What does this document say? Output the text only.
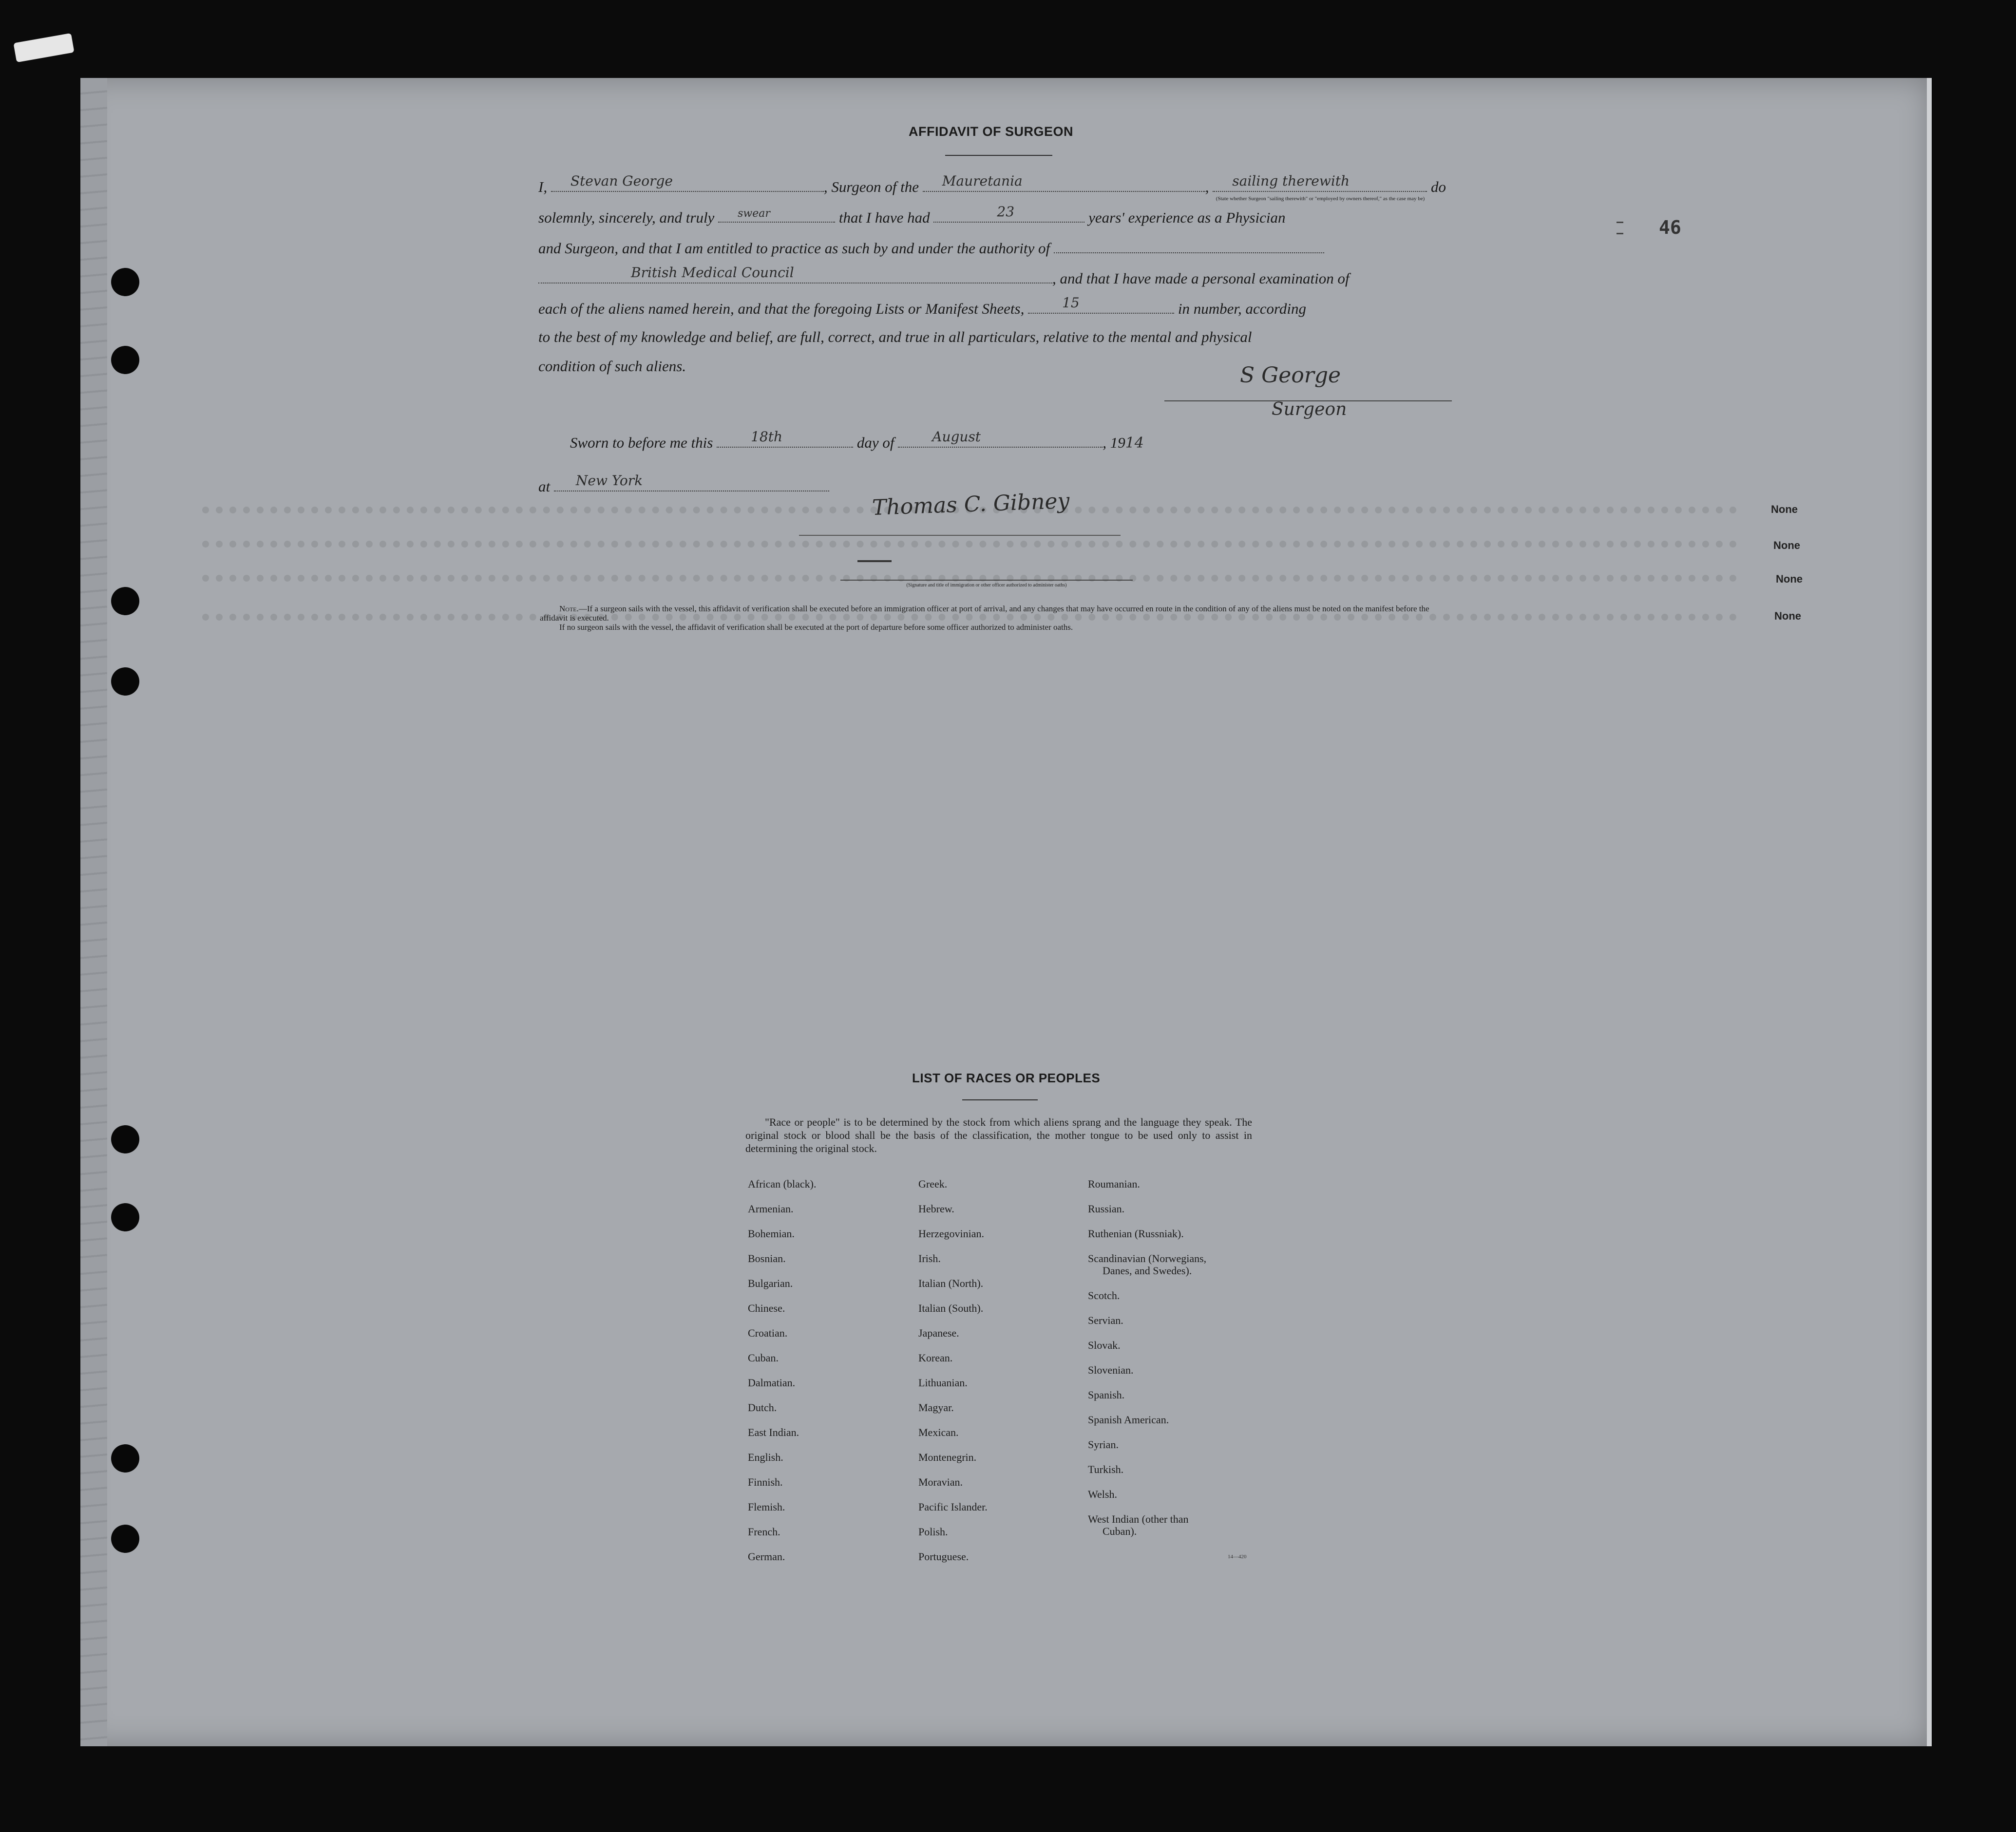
46
AFFIDAVIT OF SURGEON
I, Stevan George	, Surgeon of the Mauretania	, sailing therewith	do
(State whether Surgeon "sailing therewith" or "employed by owners thereof," as the case may be)
solemnly, sincerely, and truly swear	that I have had	23	years' experience as a Physician
and Surgeon, and that I am entitled to practice as such by and under the authority of
British Medical Council	, and that I have made a personal examination of
each of the aliens named herein, and that the foregoing Lists or Manifest Sheets,	15	in number, according
to the best of my knowledge and belief, are full, correct, and true in all particulars, relative to the mental and physical
condition of such aliens.	S George
Surgeon
Sworn to before me this	18th	day of	August	, 1914
at New York
Thomas C. Gibney
(Signature and title of immigration or other officer authorized to administer oaths)
Note.—If a surgeon sails with the vessel, this affidavit of verification shall be executed before an immigration officer at port of arrival, and any changes that may have occurred en route in the condition of any of the aliens must be noted on the manifest before the affidavit is executed.
If no surgeon sails with the vessel, the affidavit of verification shall be executed at the port of departure before some officer authorized to administer oaths.
None
None
None
None
LIST OF RACES OR PEOPLES
"Race or people" is to be determined by the stock from which aliens sprang and the language they speak. The original stock or blood shall be the basis of the classification, the mother tongue to be used only to assist in determining the original stock.
African (black).
Armenian.
Bohemian.
Bosnian.
Bulgarian.
Chinese.
Croatian.
Cuban.
Dalmatian.
Dutch.
East Indian.
English.
Finnish.
Flemish.
French.
German.
Greek.
Hebrew.
Herzegovinian.
Irish.
Italian (North).
Italian (South).
Japanese.
Korean.
Lithuanian.
Magyar.
Mexican.
Montenegrin.
Moravian.
Pacific Islander.
Polish.
Portuguese.
Roumanian.
Russian.
Ruthenian (Russniak).
Scandinavian (Norwegians,
Danes, and Swedes).
Scotch.
Servian.
Slovak.
Slovenian.
Spanish.
Spanish American.
Syrian.
Turkish.
Welsh.
West Indian (other than
Cuban).
14—420
